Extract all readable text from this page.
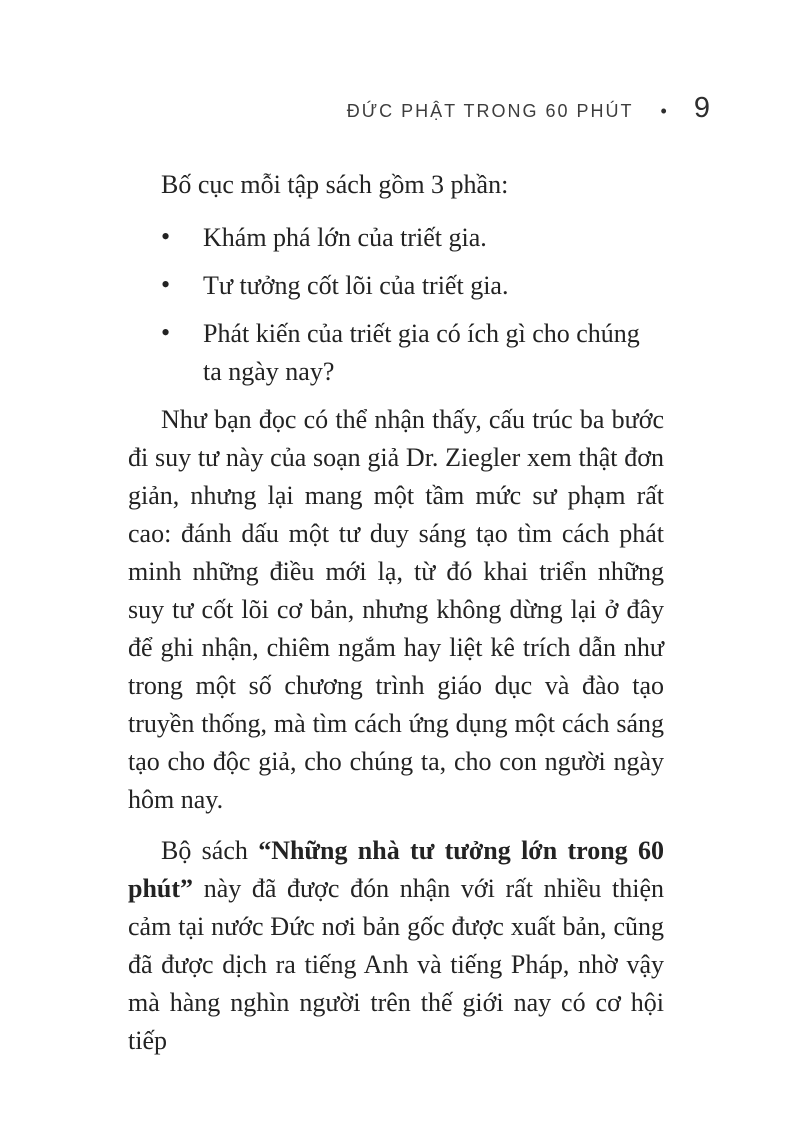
ĐỨC PHẬT TRONG 60 PHÚT • 9

Bố cục mỗi tập sách gồm 3 phần:

• Khám phá lớn của triết gia.
• Tư tưởng cốt lõi của triết gia.
• Phát kiến của triết gia có ích gì cho chúng ta ngày nay?

Như bạn đọc có thể nhận thấy, cấu trúc ba bước đi suy tư này của soạn giả Dr. Ziegler xem thật đơn giản, nhưng lại mang một tầm mức sư phạm rất cao: đánh dấu một tư duy sáng tạo tìm cách phát minh những điều mới lạ, từ đó khai triển những suy tư cốt lõi cơ bản, nhưng không dừng lại ở đây để ghi nhận, chiêm ngắm hay liệt kê trích dẫn như trong một số chương trình giáo dục và đào tạo truyền thống, mà tìm cách ứng dụng một cách sáng tạo cho độc giả, cho chúng ta, cho con người ngày hôm nay.

Bộ sách “Những nhà tư tưởng lớn trong 60 phút” này đã được đón nhận với rất nhiều thiện cảm tại nước Đức nơi bản gốc được xuất bản, cũng đã được dịch ra tiếng Anh và tiếng Pháp, nhờ vậy mà hàng nghìn người trên thế giới nay có cơ hội tiếp
